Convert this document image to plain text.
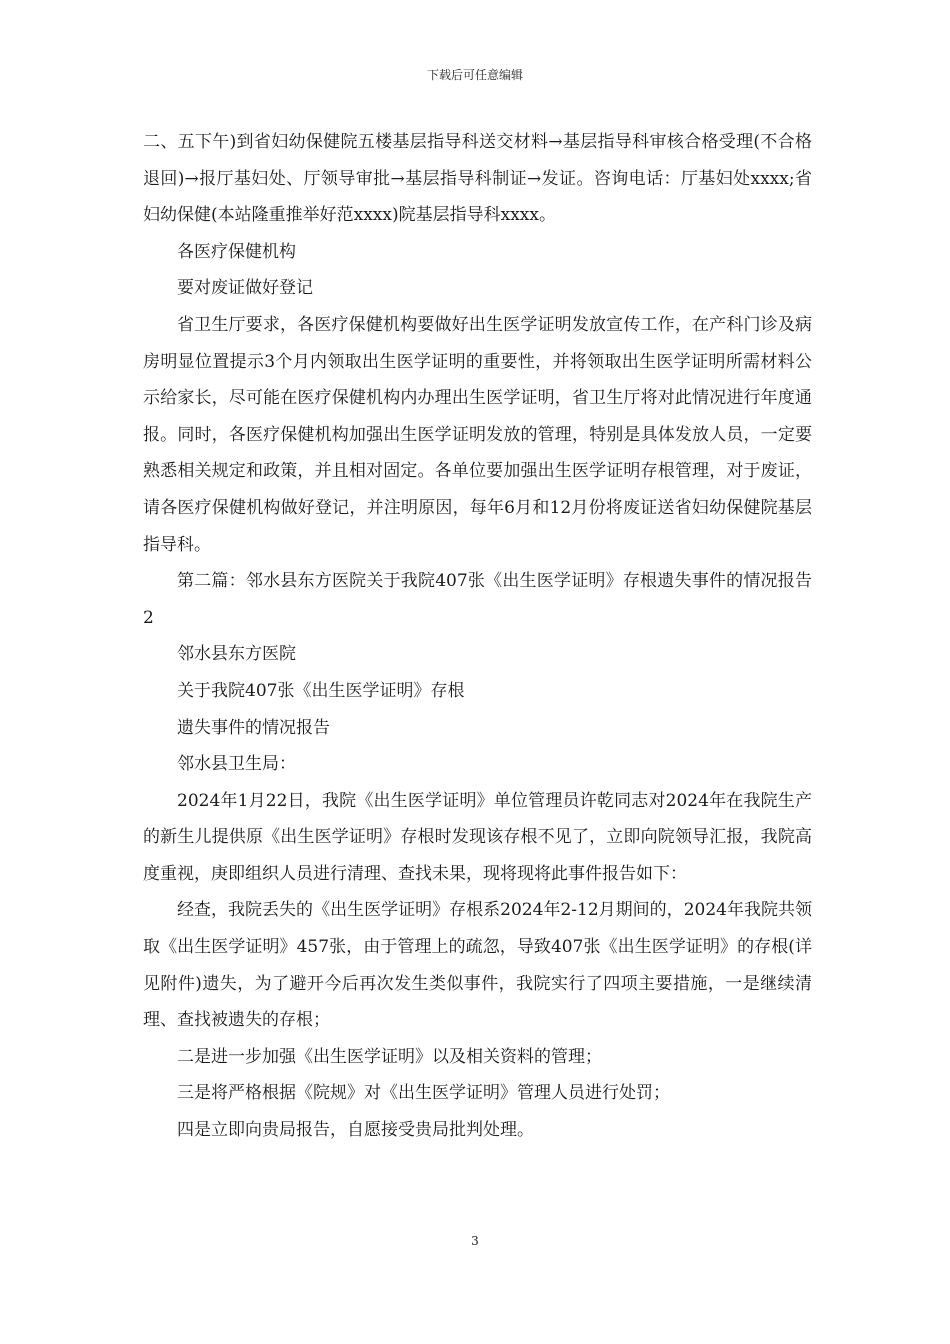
下载后可任意编辑

二、五下午)到省妇幼保健院五楼基层指导科送交材料→基层指导科审核合格受理(不合格退回)→报厅基妇处、厅领导审批→基层指导科制证→发证。咨询电话：厅基妇处xxxx;省妇幼保健(本站隆重推举好范xxxx)院基层指导科xxxx。

各医疗保健机构

要对废证做好登记

省卫生厅要求，各医疗保健机构要做好出生医学证明发放宣传工作，在产科门诊及病房明显位置提示3个月内领取出生医学证明的重要性，并将领取出生医学证明所需材料公示给家长，尽可能在医疗保健机构内办理出生医学证明，省卫生厅将对此情况进行年度通报。同时，各医疗保健机构加强出生医学证明发放的管理，特别是具体发放人员，一定要熟悉相关规定和政策，并且相对固定。各单位要加强出生医学证明存根管理，对于废证，请各医疗保健机构做好登记，并注明原因，每年6月和12月份将废证送省妇幼保健院基层指导科。

第二篇：邻水县东方医院关于我院407张《出生医学证明》存根遗失事件的情况报告2

邻水县东方医院

关于我院407张《出生医学证明》存根

遗失事件的情况报告

邻水县卫生局：

2024年1月22日，我院《出生医学证明》单位管理员许乾同志对2024年在我院生产的新生儿提供原《出生医学证明》存根时发现该存根不见了，立即向院领导汇报，我院高度重视，庚即组织人员进行清理、查找未果，现将现将此事件报告如下：

经查，我院丢失的《出生医学证明》存根系2024年2-12月期间的，2024年我院共领取《出生医学证明》457张，由于管理上的疏忽，导致407张《出生医学证明》的存根(详见附件)遗失，为了避开今后再次发生类似事件，我院实行了四项主要措施，一是继续清理、查找被遗失的存根；

二是进一步加强《出生医学证明》以及相关资料的管理；

三是将严格根据《院规》对《出生医学证明》管理人员进行处罚；

四是立即向贵局报告，自愿接受贵局批判处理。

3
